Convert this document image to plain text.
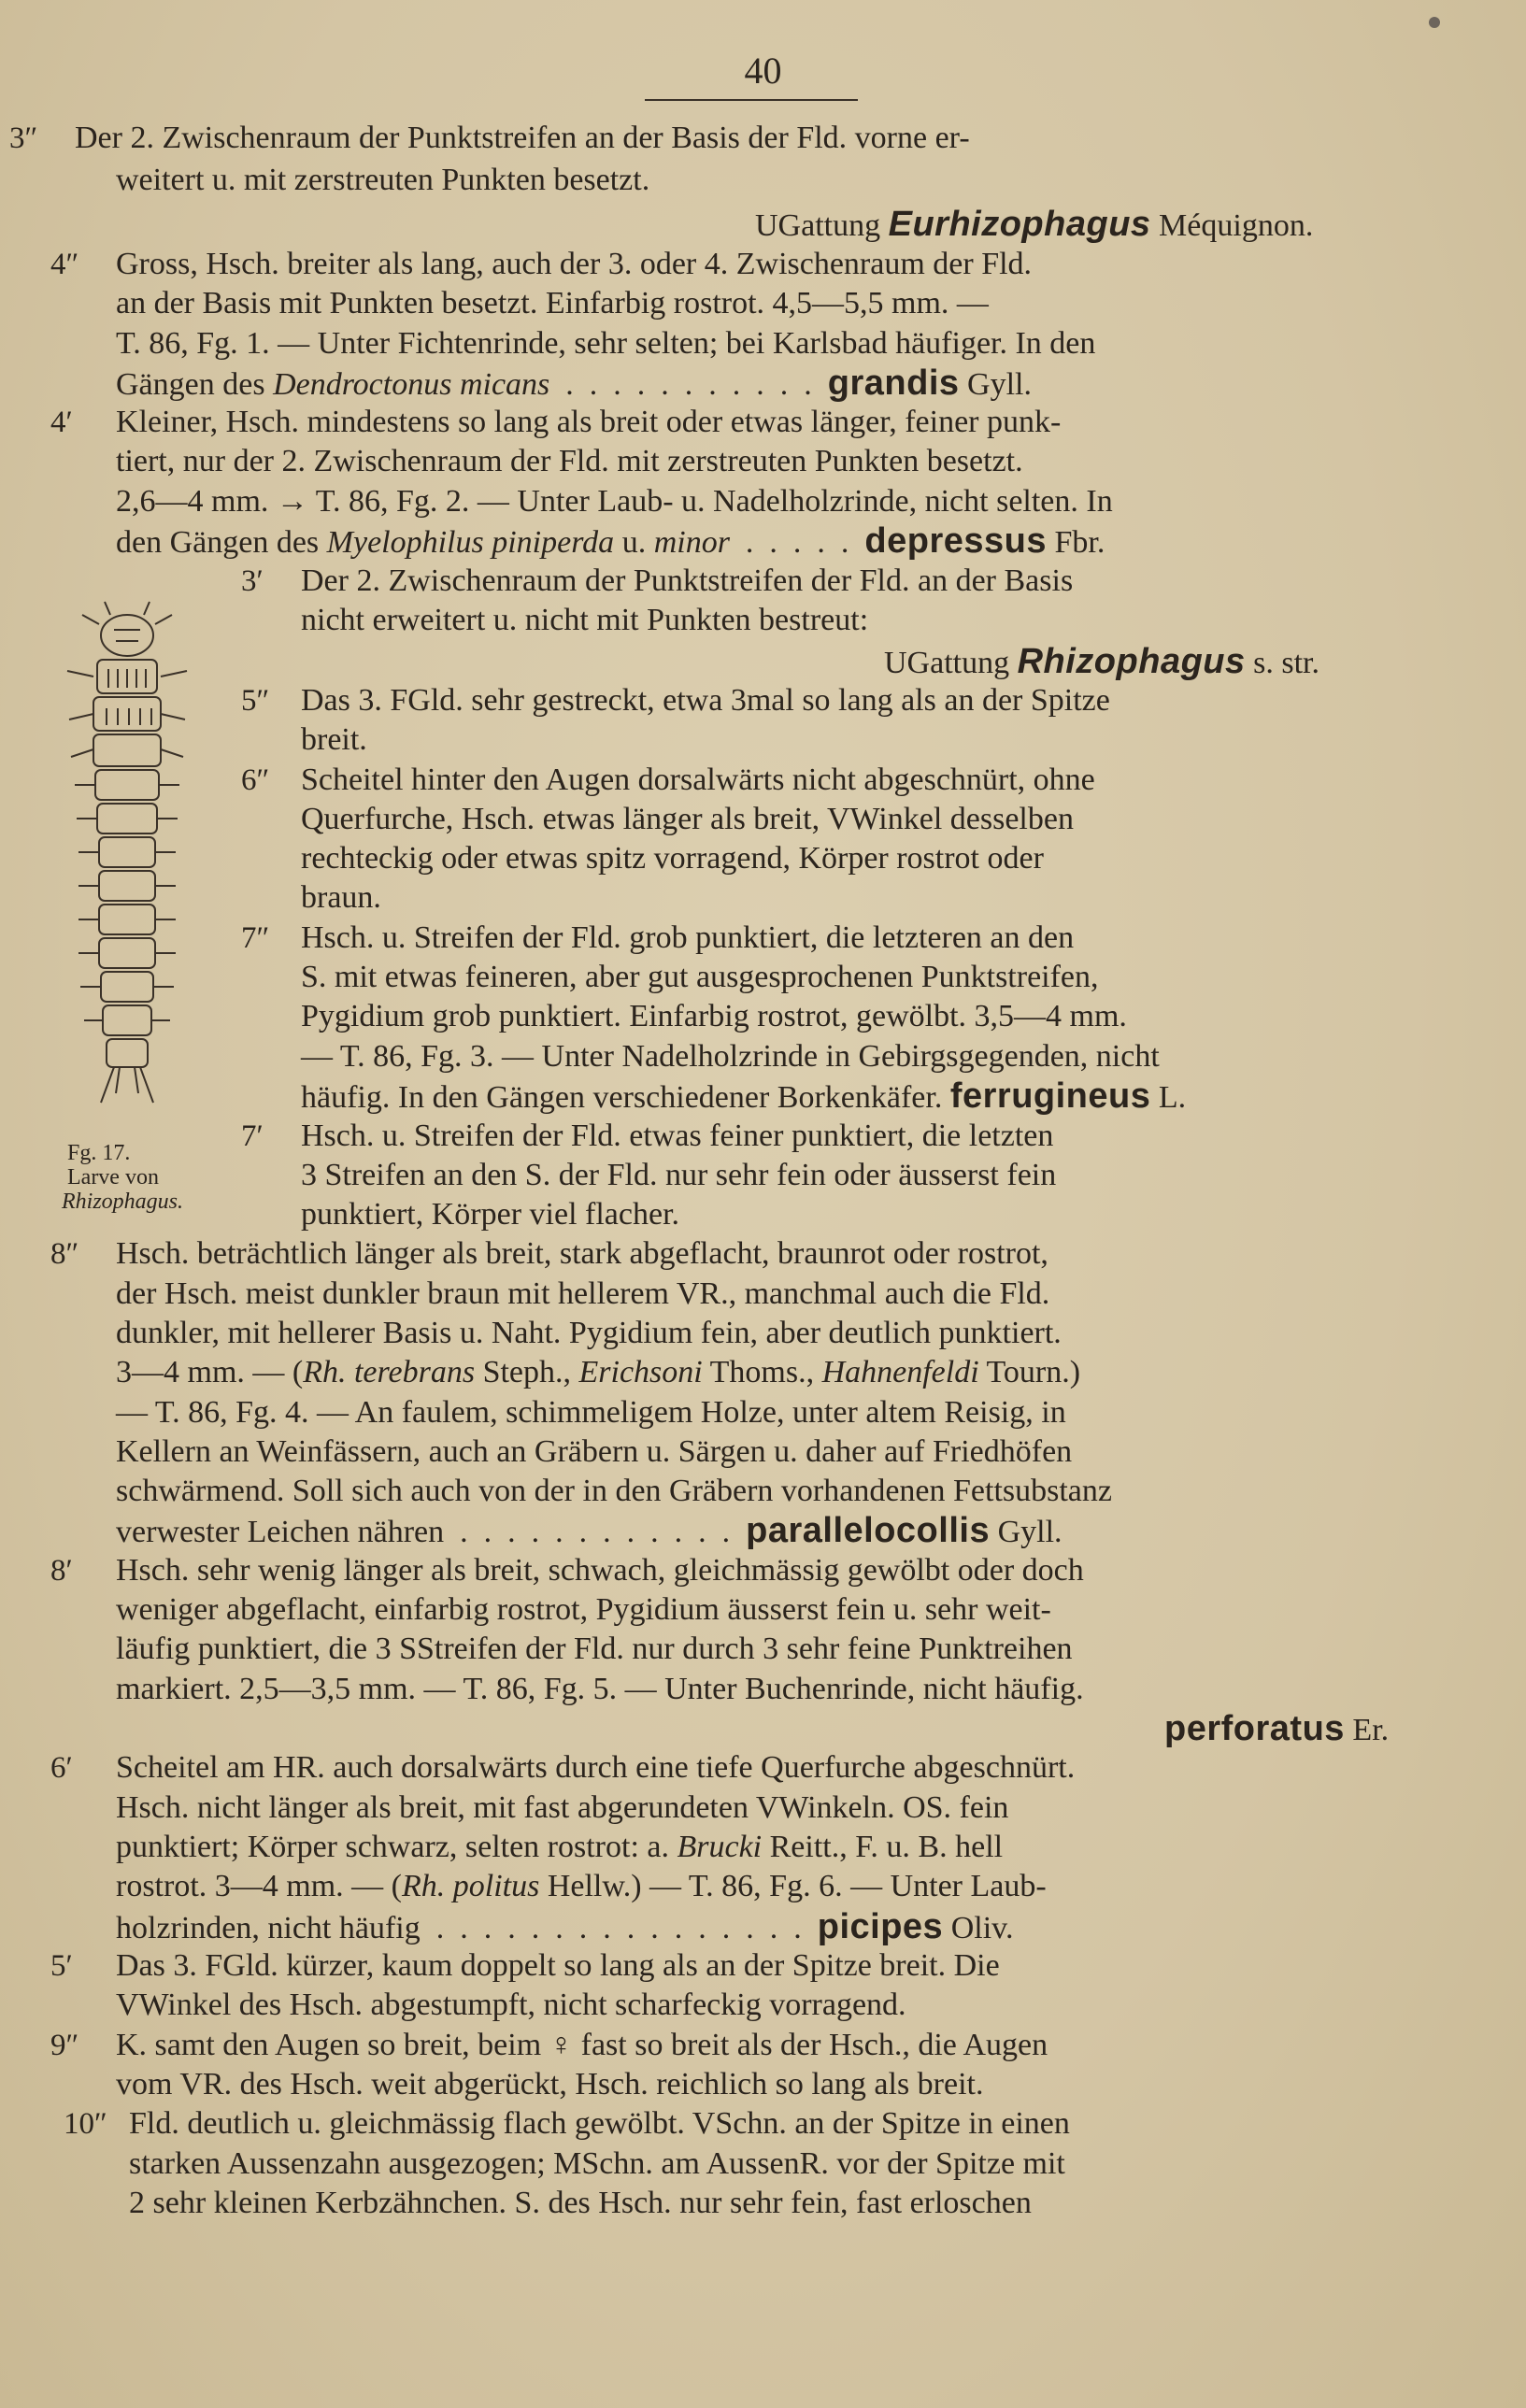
40
Fg. 17.
Larve von
Rhizophagus.
3″ Der 2. Zwischenraum der Punktstreifen an der Basis der Fld. vorne er-
weitert u. mit zerstreuten Punkten besetzt.
UGattung Eurhizophagus Méquignon.
4″ Gross, Hsch. breiter als lang, auch der 3. oder 4. Zwischenraum der Fld.
an der Basis mit Punkten besetzt. Einfarbig rostrot. 4,5—5,5 mm. —
T. 86, Fg. 1. — Unter Fichtenrinde, sehr selten; bei Karlsbad häufiger. In den
Gängen des Dendroctonus micans  .  .  .  .  .  .  .  .  .  .  .  grandis Gyll.
4′ Kleiner, Hsch. mindestens so lang als breit oder etwas länger, feiner punk-
tiert, nur der 2. Zwischenraum der Fld. mit zerstreuten Punkten besetzt.
2,6—4 mm. → T. 86, Fg. 2. — Unter Laub- u. Nadelholzrinde, nicht selten. In
den Gängen des Myelophilus piniperda u. minor  .  .  .  .  .  depressus Fbr.
3′ Der 2. Zwischenraum der Punktstreifen der Fld. an der Basis
nicht erweitert u. nicht mit Punkten bestreut:
UGattung Rhizophagus s. str.
5″ Das 3. FGld. sehr gestreckt, etwa 3mal so lang als an der Spitze
breit.
6″ Scheitel hinter den Augen dorsalwärts nicht abgeschnürt, ohne
Querfurche, Hsch. etwas länger als breit, VWinkel desselben
rechteckig oder etwas spitz vorragend, Körper rostrot oder
braun.
7″ Hsch. u. Streifen der Fld. grob punktiert, die letzteren an den
S. mit etwas feineren, aber gut ausgesprochenen Punktstreifen,
Pygidium grob punktiert. Einfarbig rostrot, gewölbt. 3,5—4 mm.
— T. 86, Fg. 3. — Unter Nadelholzrinde in Gebirgsgegenden, nicht
häufig. In den Gängen verschiedener Borkenkäfer. ferrugineus L.
7′ Hsch. u. Streifen der Fld. etwas feiner punktiert, die letzten
3 Streifen an den S. der Fld. nur sehr fein oder äusserst fein
punktiert, Körper viel flacher.
8″ Hsch. beträchtlich länger als breit, stark abgeflacht, braunrot oder rostrot,
der Hsch. meist dunkler braun mit hellerem VR., manchmal auch die Fld.
dunkler, mit hellerer Basis u. Naht. Pygidium fein, aber deutlich punktiert.
3—4 mm. — (Rh. terebrans Steph., Erichsoni Thoms., Hahnenfeldi Tourn.)
— T. 86, Fg. 4. — An faulem, schimmeligem Holze, unter altem Reisig, in
Kellern an Weinfässern, auch an Gräbern u. Särgen u. daher auf Friedhöfen
schwärmend. Soll sich auch von der in den Gräbern vorhandenen Fettsubstanz
verwester Leichen nähren  .  .  .  .  .  .  .  .  .  .  .  .  parallelocollis Gyll.
8′ Hsch. sehr wenig länger als breit, schwach, gleichmässig gewölbt oder doch
weniger abgeflacht, einfarbig rostrot, Pygidium äusserst fein u. sehr weit-
läufig punktiert, die 3 SStreifen der Fld. nur durch 3 sehr feine Punktreihen
markiert. 2,5—3,5 mm. — T. 86, Fg. 5. — Unter Buchenrinde, nicht häufig.
perforatus Er.
6′ Scheitel am HR. auch dorsalwärts durch eine tiefe Querfurche abgeschnürt.
Hsch. nicht länger als breit, mit fast abgerundeten VWinkeln. OS. fein
punktiert; Körper schwarz, selten rostrot: a. Brucki Reitt., F. u. B. hell
rostrot. 3—4 mm. — (Rh. politus Hellw.) — T. 86, Fg. 6. — Unter Laub-
holzrinden, nicht häufig  .  .  .  .  .  .  .  .  .  .  .  .  .  .  .  .  picipes Oliv.
5′ Das 3. FGld. kürzer, kaum doppelt so lang als an der Spitze breit. Die
VWinkel des Hsch. abgestumpft, nicht scharfeckig vorragend.
9″ K. samt den Augen so breit, beim ♀ fast so breit als der Hsch., die Augen
vom VR. des Hsch. weit abgerückt, Hsch. reichlich so lang als breit.
10″ Fld. deutlich u. gleichmässig flach gewölbt. VSchn. an der Spitze in einen
starken Aussenzahn ausgezogen; MSchn. am AussenR. vor der Spitze mit
2 sehr kleinen Kerbzähnchen. S. des Hsch. nur sehr fein, fast erloschen
